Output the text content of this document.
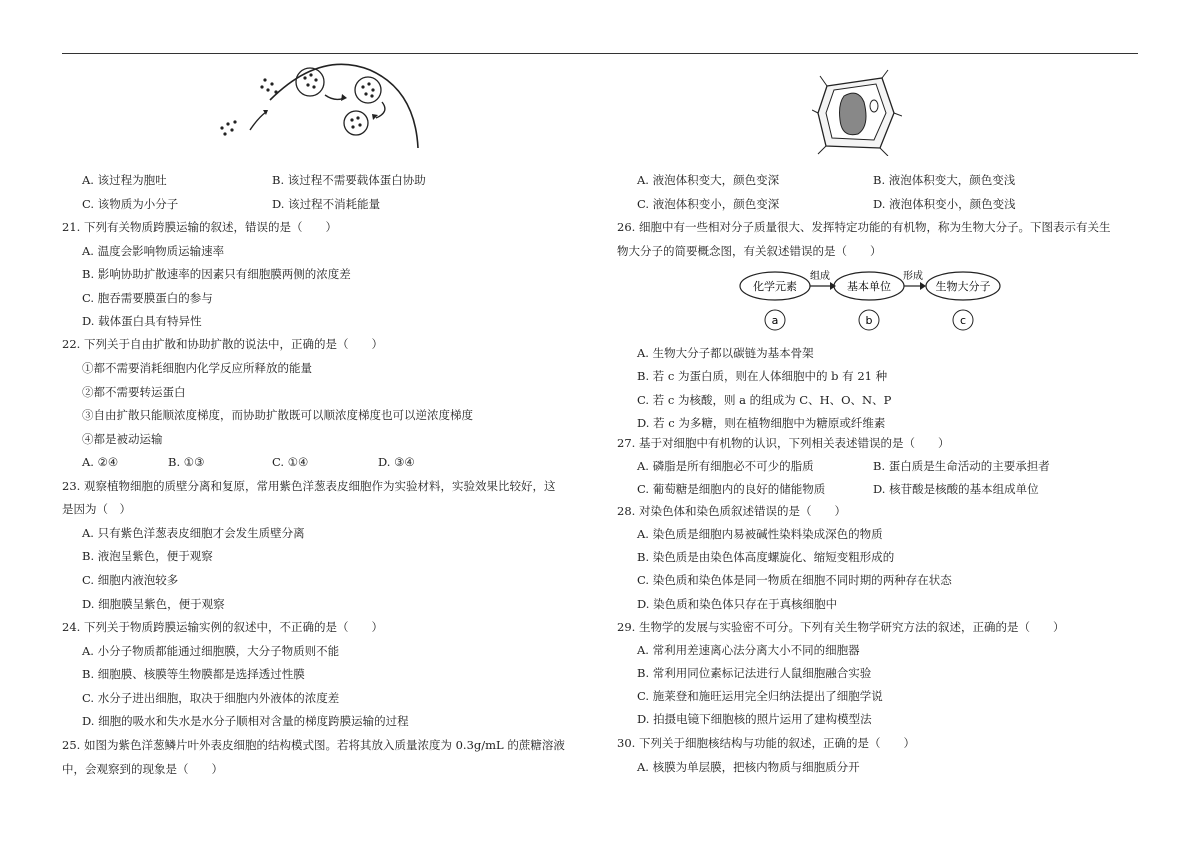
A. 该过程为胞吐	B. 该过程不需要载体蛋白协助
C. 该物质为小分子	D. 该过程不消耗能量
21. 下列有关物质跨膜运输的叙述，错误的是（　　）
A. 温度会影响物质运输速率
B. 影响协助扩散速率的因素只有细胞膜两侧的浓度差
C. 胞吞需要膜蛋白的参与
D. 载体蛋白具有特异性
22. 下列关于自由扩散和协助扩散的说法中，正确的是（　　）
①都不需要消耗细胞内化学反应所释放的能量
②都不需要转运蛋白
③自由扩散只能顺浓度梯度，而协助扩散既可以顺浓度梯度也可以逆浓度梯度
④都是被动运输
A. ②④	B. ①③	C. ①④	D. ③④
23. 观察植物细胞的质壁分离和复原，常用紫色洋葱表皮细胞作为实验材料，实验效果比较好，这
是因为（　）
A. 只有紫色洋葱表皮细胞才会发生质壁分离
B. 液泡呈紫色，便于观察
C. 细胞内液泡较多
D. 细胞膜呈紫色，便于观察
24. 下列关于物质跨膜运输实例的叙述中，不正确的是（　　）
A. 小分子物质都能通过细胞膜，大分子物质则不能
B. 细胞膜、核膜等生物膜都是选择透过性膜
C. 水分子进出细胞，取决于细胞内外液体的浓度差
D. 细胞的吸水和失水是水分子顺相对含量的梯度跨膜运输的过程
25. 如图为紫色洋葱鳞片叶外表皮细胞的结构模式图。若将其放入质量浓度为 0.3g/mL 的蔗糖溶液
中，会观察到的现象是（　　）
A. 液泡体积变大，颜色变深	B. 液泡体积变大，颜色变浅
C. 液泡体积变小，颜色变深	D. 液泡体积变小，颜色变浅
26. 细胞中有一些相对分子质量很大、发挥特定功能的有机物，称为生物大分子。下图表示有关生
物大分子的简要概念图，有关叙述错误的是（　　）
化学元素	基本单位	生物大分子
组成	形成
a	b	c
A. 生物大分子都以碳链为基本骨架
B. 若 c 为蛋白质，则在人体细胞中的 b 有 21 种
C. 若 c 为核酸，则 a 的组成为 C、H、O、N、P
D. 若 c 为多糖，则在植物细胞中为糖原或纤维素
27. 基于对细胞中有机物的认识，下列相关表述错误的是（　　）
A. 磷脂是所有细胞必不可少的脂质	B. 蛋白质是生命活动的主要承担者
C. 葡萄糖是细胞内的良好的储能物质	D. 核苷酸是核酸的基本组成单位
28. 对染色体和染色质叙述错误的是（　　）
A. 染色质是细胞内易被碱性染料染成深色的物质
B. 染色质是由染色体高度螺旋化、缩短变粗形成的
C. 染色质和染色体是同一物质在细胞不同时期的两种存在状态
D. 染色质和染色体只存在于真核细胞中
29. 生物学的发展与实验密不可分。下列有关生物学研究方法的叙述，正确的是（　　）
A. 常利用差速离心法分离大小不同的细胞器
B. 常利用同位素标记法进行人鼠细胞融合实验
C. 施莱登和施旺运用完全归纳法提出了细胞学说
D. 拍摄电镜下细胞核的照片运用了建构模型法
30. 下列关于细胞核结构与功能的叙述，正确的是（　　）
A. 核膜为单层膜，把核内物质与细胞质分开
